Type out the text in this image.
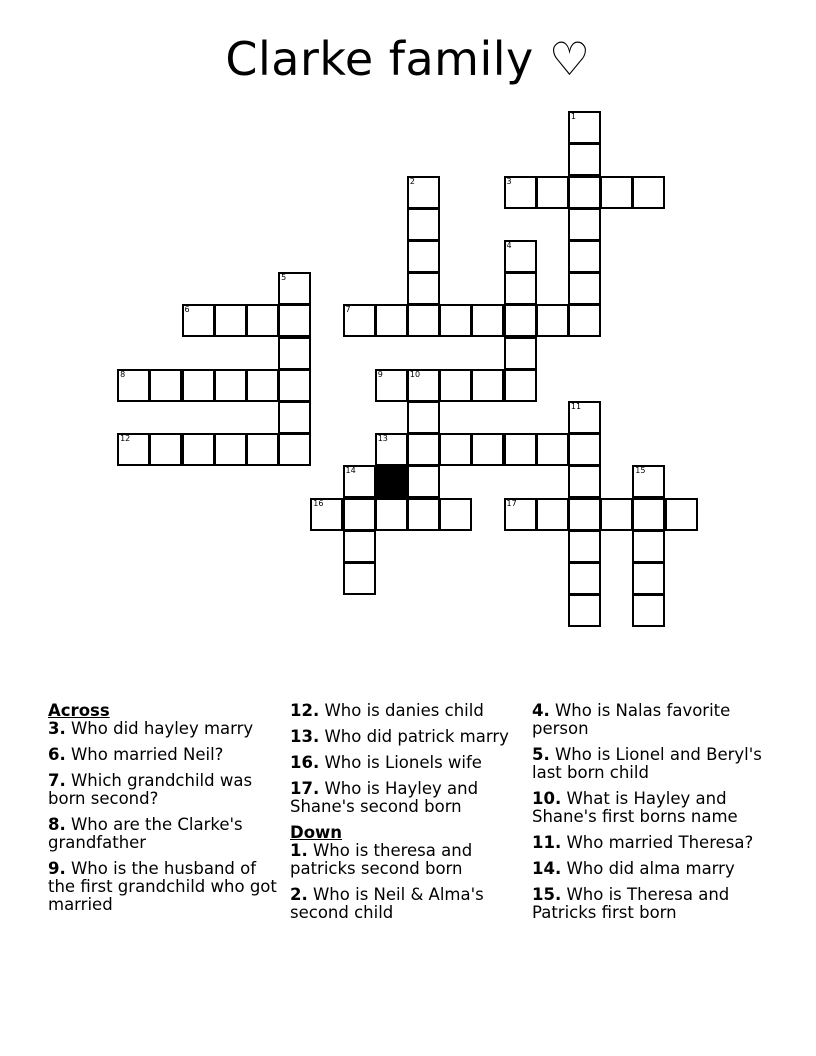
Clarke family ♡
1
2	3
4
5
6	7
8	9	10
11
12	13
14	15
16	17
Across
3. Who did hayley marry
6. Who married Neil?
7. Which grandchild was born second?
8. Who are the Clarke's grandfather
9. Who is the husband of the first grandchild who got married
12. Who is danies child
13. Who did patrick marry
16. Who is Lionels wife
17. Who is Hayley and Shane's second born
Down
1. Who is theresa and patricks second born
2. Who is Neil & Alma's second child
4. Who is Nalas favorite person
5. Who is Lionel and Beryl's last born child
10. What is Hayley and Shane's first borns name
11. Who married Theresa?
14. Who did alma marry
15. Who is Theresa and Patricks first born
